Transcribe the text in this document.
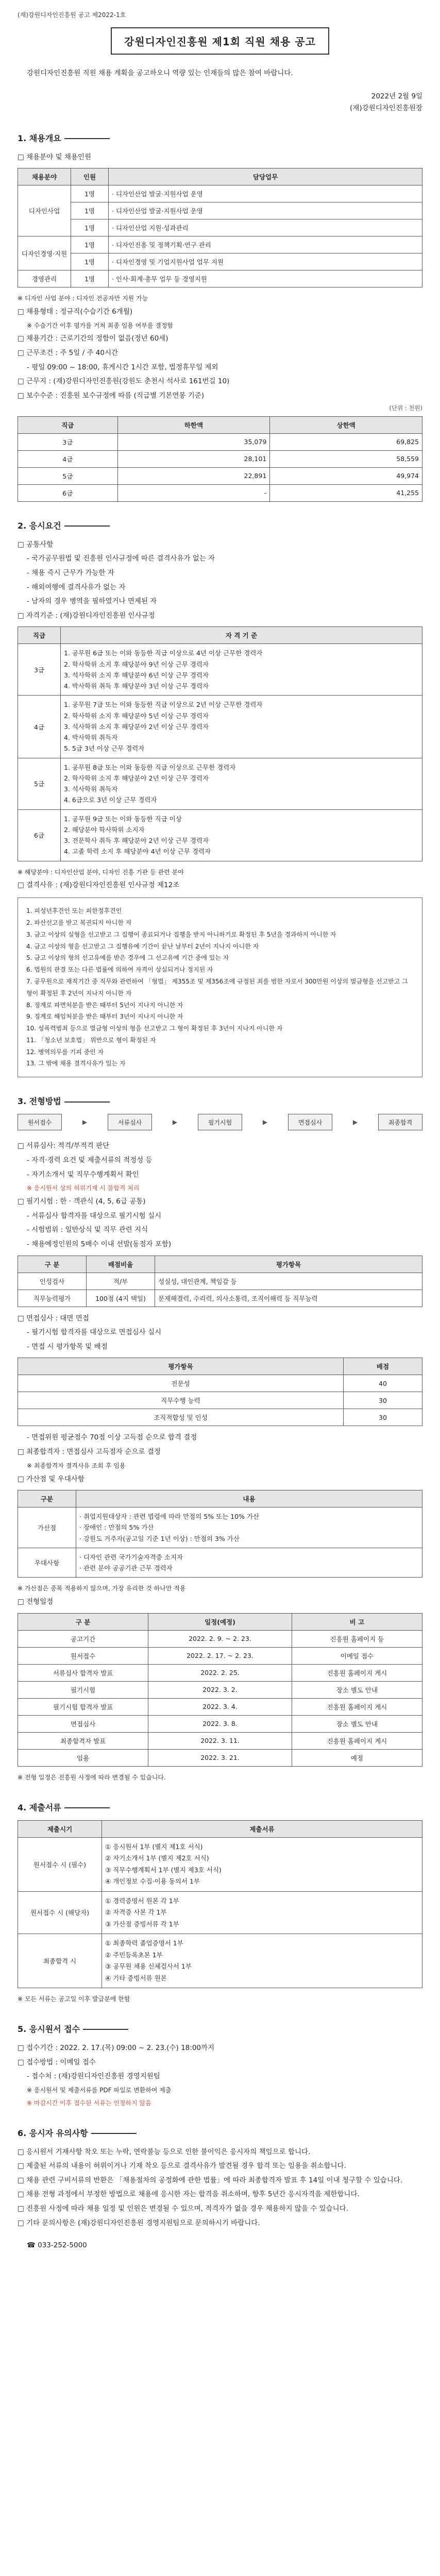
(재)강원디자인진흥원 공고 제2022-1호
강원디자인진흥원 제1회 직원 채용 공고
강원디자인진흥원 직원 채용 계획을 공고하오니 역량 있는 인재들의 많은 참여 바랍니다.
2022년 2월 9일
(재)강원디자인진흥원장
1. 채용개요
□ 채용분야 및 채용인원
채용분야	인원	담당업무
디자인사업	1명	· 디자인산업 발굴·지원사업 운영
	1명	· 디자인산업 발굴·지원사업 운영
	1명	· 디자인산업 지원·성과관리
디자인경영·지원	1명	· 디자인진흥 및 정책기획·연구 관리
	1명	· 디자인경영 및 기업지원사업 업무 지원
경영관리	1명	· 인사·회계·총무 업무 등 경영지원
※ 디자인 사업 분야 : 디자인 전공자만 지원 가능
□ 채용형태 : 정규직(수습기간 6개월)
※ 수습기간 이후 평가를 거쳐 최종 임용 여부를 결정함
□ 채용기간 : 근로기간의 정함이 없음(정년 60세)
□ 근무조건 : 주 5일 / 주 40시간
- 평일 09:00 ~ 18:00, 휴게시간 1시간 포함, 법정휴무일 제외
□ 근무지 : (재)강원디자인진흥원(강원도 춘천시 석사로 161번길 10)
□ 보수수준 : 진흥원 보수규정에 따름 (직급별 기본연봉 기준)
(단위 : 천원)
직급	하한액	상한액
3급	35,079	69,825
4급	28,101	58,559
5급	22,891	49,974
6급	-	41,255
2. 응시요건
□ 공통사항
- 국가공무원법 및 진흥원 인사규정에 따른 결격사유가 없는 자
- 채용 즉시 근무가 가능한 자
- 해외여행에 결격사유가 없는 자
- 남자의 경우 병역을 필하였거나 면제된 자
□ 자격기준 : (재)강원디자인진흥원 인사규정
직급	자 격 기 준
3급	1. 공무원 6급 또는 이와 동등한 직급 이상으로 4년 이상 근무한 경력자
2. 학사학위 소지 후 해당분야 9년 이상 근무 경력자
3. 석사학위 소지 후 해당분야 6년 이상 근무 경력자
4. 박사학위 취득 후 해당분야 3년 이상 근무 경력자
4급	1. 공무원 7급 또는 이와 동등한 직급 이상으로 2년 이상 근무한 경력자
2. 학사학위 소지 후 해당분야 5년 이상 근무 경력자
3. 석사학위 소지 후 해당분야 2년 이상 근무 경력자
4. 박사학위 취득자
5. 5급 3년 이상 근무 경력자
5급	1. 공무원 8급 또는 이와 동등한 직급 이상으로 근무한 경력자
2. 학사학위 소지 후 해당분야 2년 이상 근무 경력자
3. 석사학위 취득자
4. 6급으로 3년 이상 근무 경력자
6급	1. 공무원 9급 또는 이와 동등한 직급 이상
2. 해당분야 학사학위 소지자
3. 전문학사 취득 후 해당분야 2년 이상 근무 경력자
4. 고졸 학력 소지 후 해당분야 4년 이상 근무 경력자
※ 해당분야 : 디자인산업 분야, 디자인 진흥 기관 등 관련 분야
□ 결격사유 : (재)강원디자인진흥원 인사규정 제12조
1. 피성년후견인 또는 피한정후견인
2. 파산선고를 받고 복권되지 아니한 자
3. 금고 이상의 실형을 선고받고 그 집행이 종료되거나 집행을 받지 아니하기로 확정된 후 5년을 경과하지 아니한 자
4. 금고 이상의 형을 선고받고 그 집행유예 기간이 끝난 날부터 2년이 지나지 아니한 자
5. 금고 이상의 형의 선고유예를 받은 경우에 그 선고유예 기간 중에 있는 자
6. 법원의 판결 또는 다른 법률에 의하여 자격이 상실되거나 정지된 자
7. 공무원으로 재직기간 중 직무와 관련하여 「형법」 제355조 및 제356조에 규정된 죄를 범한 자로서 300만원 이상의 벌금형을 선고받고 그 형이 확정된 후 2년이 지나지 아니한 자
8. 징계로 파면처분을 받은 때부터 5년이 지나지 아니한 자
9. 징계로 해임처분을 받은 때부터 3년이 지나지 아니한 자
10. 성폭력범죄 등으로 벌금형 이상의 형을 선고받고 그 형이 확정된 후 3년이 지나지 아니한 자
11. 「청소년 보호법」 위반으로 형이 확정된 자
12. 병역의무를 기피 중인 자
13. 그 밖에 채용 결격사유가 있는 자
3. 전형방법
원서접수	▶	서류심사	▶	필기시험	▶	면접심사	▶	최종합격
□ 서류심사: 적격/부적격 판단
- 자격·경력 요건 및 제출서류의 적정성 등
- 자기소개서 및 직무수행계획서 확인
※ 응시원서 상의 허위기재 시 불합격 처리
□ 필기시험 : 한 · 객관식 (4, 5, 6급 공통)
- 서류심사 합격자를 대상으로 필기시험 실시
- 시험범위 : 일반상식 및 직무 관련 지식
- 채용예정인원의 5배수 이내 선발(동점자 포함)
구 분	배점비율	평가항목
인성검사	적/부	성실성, 대인관계, 책임감 등
직무능력평가	100점 (4지 택일)	문제해결력, 수리력, 의사소통력, 조직이해력 등 직무능력
□ 면접심사 : 대면 면접
- 필기시험 합격자를 대상으로 면접심사 실시
- 면접 시 평가항목 및 배점
평가항목	배점
전문성	40
직무수행 능력	30
조직적합성 및 인성	30
- 면접위원 평균점수 70점 이상 고득점 순으로 합격 결정
□ 최종합격자 : 면접심사 고득점자 순으로 결정
※ 최종합격자 결격사유 조회 후 임용
□ 가산점 및 우대사항
구분	내용
가산점	· 취업지원대상자 : 관련 법령에 따라 만점의 5% 또는 10% 가산
· 장애인 : 만점의 5% 가산
· 강원도 거주자(공고일 기준 1년 이상) : 만점의 3% 가산
우대사항	· 디자인 관련 국가기술자격증 소지자
· 관련 분야 공공기관 근무 경력자
※ 가산점은 중복 적용하지 않으며, 가장 유리한 것 하나만 적용
□ 전형일정
구 분	일정(예정)	비 고
공고기간	2022. 2. 9. ~ 2. 23.	진흥원 홈페이지 등
원서접수	2022. 2. 17. ~ 2. 23.	이메일 접수
서류심사 합격자 발표	2022. 2. 25.	진흥원 홈페이지 게시
필기시험	2022. 3. 2.	장소 별도 안내
필기시험 합격자 발표	2022. 3. 4.	진흥원 홈페이지 게시
면접심사	2022. 3. 8.	장소 별도 안내
최종합격자 발표	2022. 3. 11.	진흥원 홈페이지 게시
임용	2022. 3. 21.	예정
※ 전형 일정은 진흥원 사정에 따라 변경될 수 있습니다.
4. 제출서류
제출시기	제출서류
원서접수 시 (필수)	① 응시원서 1부 (별지 제1호 서식)
② 자기소개서 1부 (별지 제2호 서식)
③ 직무수행계획서 1부 (별지 제3호 서식)
④ 개인정보 수집·이용 동의서 1부
원서접수 시 (해당자)	① 경력증명서 원본 각 1부
② 자격증 사본 각 1부
③ 가산점 증빙서류 각 1부
최종합격 시	① 최종학력 졸업증명서 1부
② 주민등록초본 1부
③ 공무원 채용 신체검사서 1부
④ 기타 증빙서류 원본
※ 모든 서류는 공고일 이후 발급분에 한함
5. 응시원서 접수
□ 접수기간 : 2022. 2. 17.(목) 09:00 ~ 2. 23.(수) 18:00까지
□ 접수방법 : 이메일 접수
- 접수처 : (재)강원디자인진흥원 경영지원팀
※ 응시원서 및 제출서류를 PDF 파일로 변환하여 제출
※ 마감시간 이후 접수된 서류는 인정하지 않음
6. 응시자 유의사항
□ 응시원서 기재사항 착오 또는 누락, 연락불능 등으로 인한 불이익은 응시자의 책임으로 합니다.
□ 제출된 서류의 내용이 허위이거나 기재 착오 등으로 결격사유가 발견될 경우 합격 또는 임용을 취소합니다.
□ 채용 관련 구비서류의 반환은 「채용절차의 공정화에 관한 법률」에 따라 최종합격자 발표 후 14일 이내 청구할 수 있습니다.
□ 채용 전형 과정에서 부정한 방법으로 채용에 응시한 자는 합격을 취소하며, 향후 5년간 응시자격을 제한합니다.
□ 진흥원 사정에 따라 채용 일정 및 인원은 변경될 수 있으며, 적격자가 없을 경우 채용하지 않을 수 있습니다.
□ 기타 문의사항은 (재)강원디자인진흥원 경영지원팀으로 문의하시기 바랍니다.
☎ 033-252-5000
